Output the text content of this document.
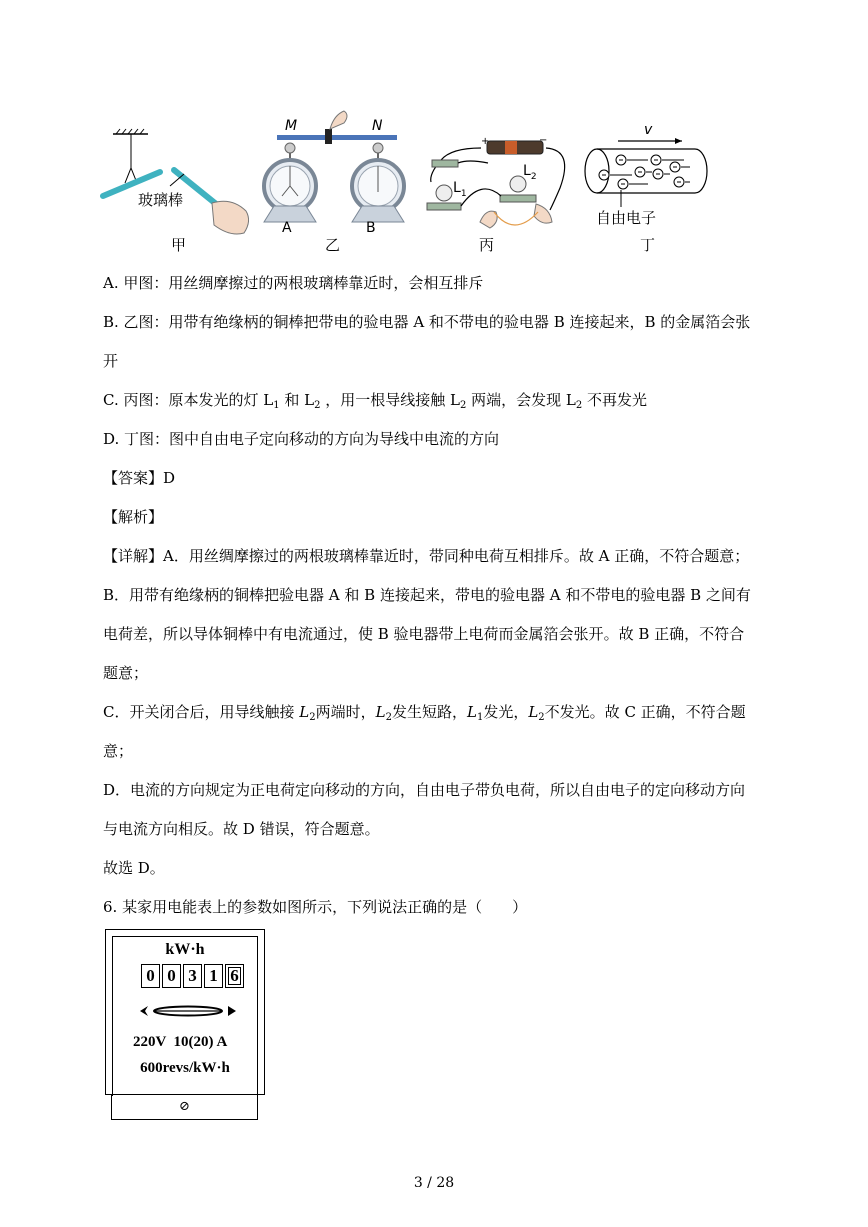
玻璃棒
M	N
A	B
+	−
$L_1$
$L_2$
v
自由电子
甲	乙	丙	丁
A. 甲图：用丝绸摩擦过的两根玻璃棒靠近时，会相互排斥
B. 乙图：用带有绝缘柄的铜棒把带电的验电器 A 和不带电的验电器 B 连接起来，B 的金属箔会张
开
C. 丙图：原本发光的灯 $L_1$ 和 $L_2$ ，用一根导线接触 $L_2$ 两端，会发现 $L_2$ 不再发光
D. 丁图：图中自由电子定向移动的方向为导线中电流的方向
【答案】D
【解析】
【详解】A．用丝绸摩擦过的两根玻璃棒靠近时，带同种电荷互相排斥。故 A 正确，不符合题意；
B．用带有绝缘柄的铜棒把验电器 A 和 B 连接起来，带电的验电器 A 和不带电的验电器 B 之间有
电荷差，所以导体铜棒中有电流通过，使 B 验电器带上电荷而金属箔会张开。故 B 正确，不符合
题意；
C．开关闭合后，用导线触接 $L_2$两端时，$L_2$发生短路，$L_1$发光，$L_2$不发光。故 C 正确，不符合题
意；
D．电流的方向规定为正电荷定向移动的方向，自由电子带负电荷，所以自由电子的定向移动方向
与电流方向相反。故 D 错误，符合题意。
故选 D。
6. 某家用电能表上的参数如图所示，下列说法正确的是（　　）
kW·h
0 0 3 1 6
220V  10(20) A
600revs/kW·h
⊘
3 / 28
